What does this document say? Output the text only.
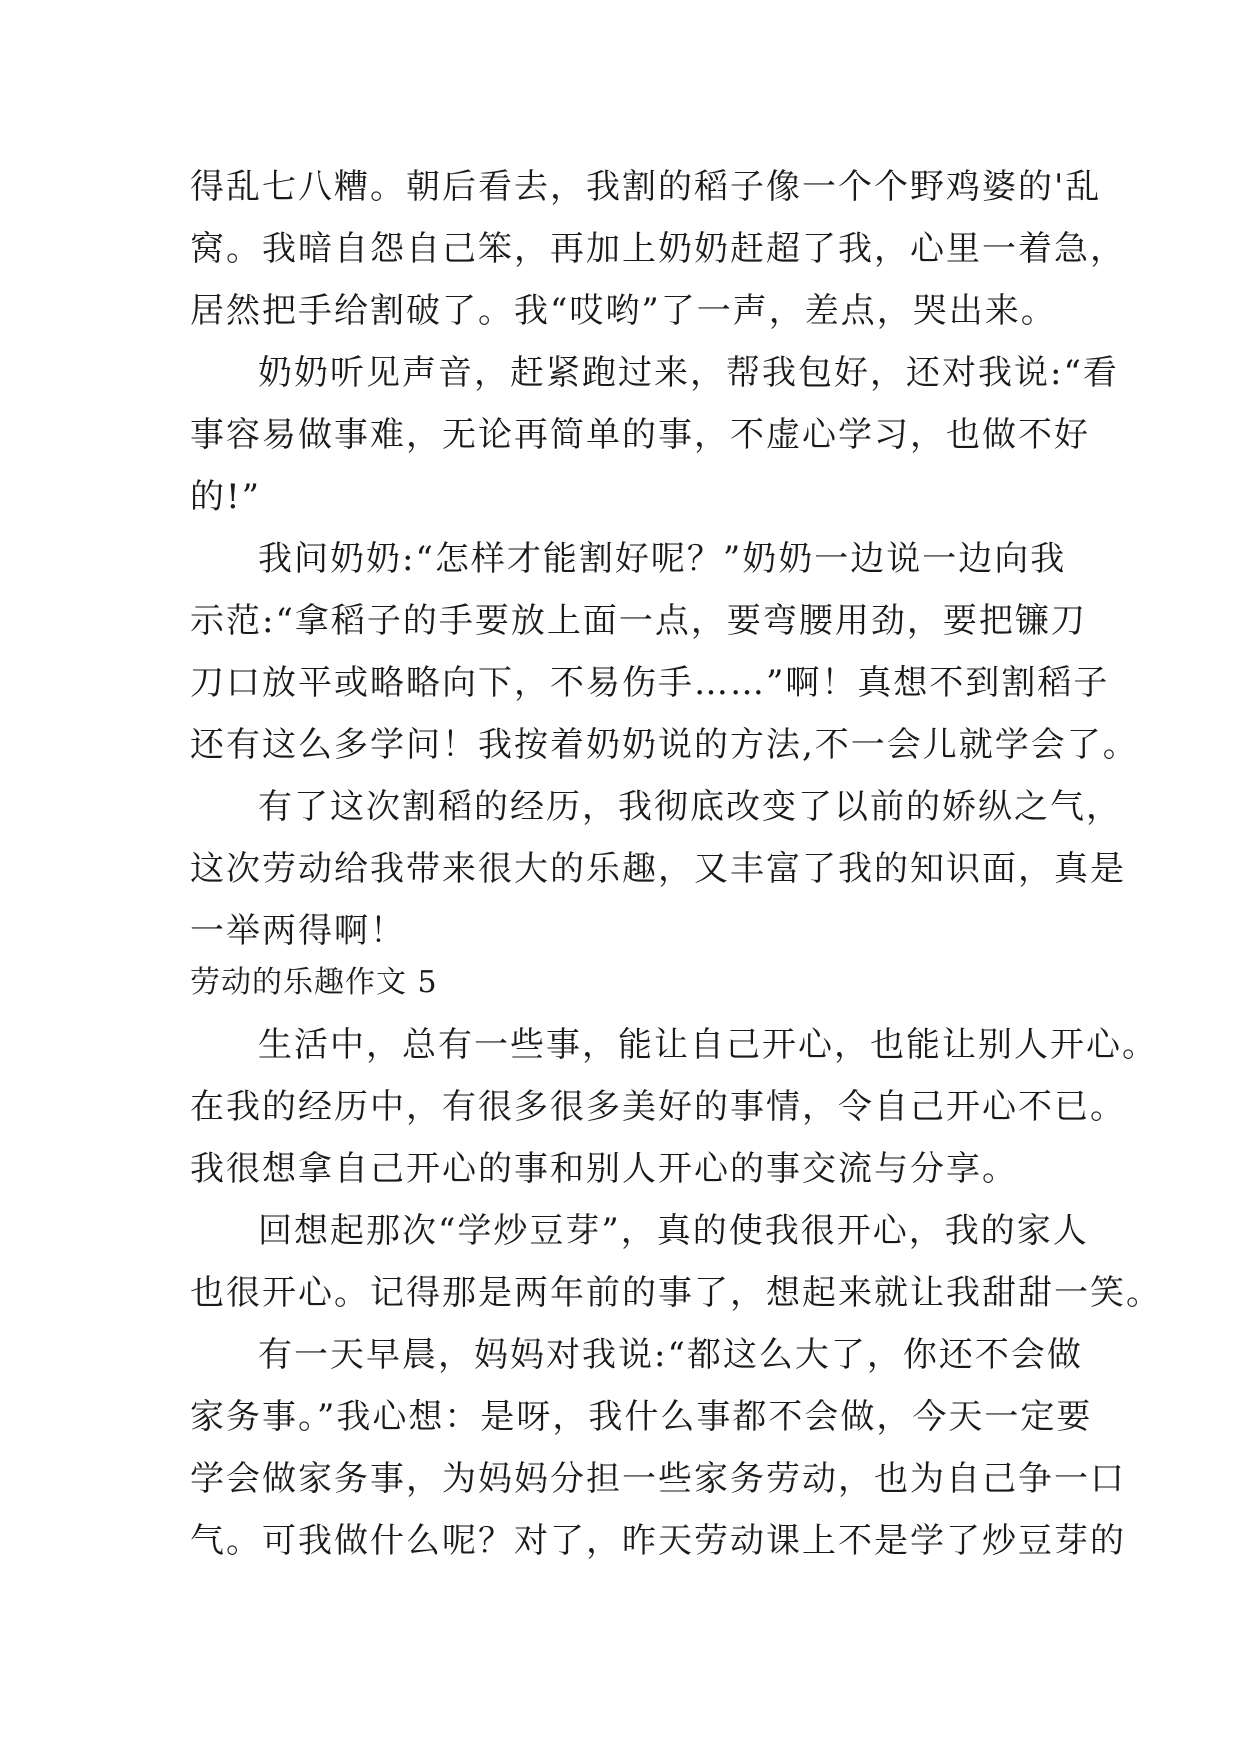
得乱七八糟。朝后看去，我割的稻子像一个个野鸡婆的'乱
窝。我暗自怨自己笨，再加上奶奶赶超了我，心里一着急，
居然把手给割破了。我“哎哟”了一声，差点，哭出来。
奶奶听见声音，赶紧跑过来，帮我包好，还对我说:“看
事容易做事难，无论再简单的事，不虚心学习，也做不好
的!”
我问奶奶:“怎样才能割好呢？”奶奶一边说一边向我
示范:“拿稻子的手要放上面一点，要弯腰用劲，要把镰刀
刀口放平或略略向下，不易伤手……”啊！真想不到割稻子
还有这么多学问！我按着奶奶说的方法,不一会儿就学会了。
有了这次割稻的经历，我彻底改变了以前的娇纵之气，
这次劳动给我带来很大的乐趣，又丰富了我的知识面，真是
一举两得啊！
劳动的乐趣作文 5
生活中，总有一些事，能让自己开心，也能让别人开心。
在我的经历中，有很多很多美好的事情，令自己开心不已。
我很想拿自己开心的事和别人开心的事交流与分享。
回想起那次“学炒豆芽”，真的使我很开心，我的家人
也很开心。记得那是两年前的事了，想起来就让我甜甜一笑。
有一天早晨，妈妈对我说:“都这么大了，你还不会做
家务事。”我心想：是呀，我什么事都不会做，今天一定要
学会做家务事，为妈妈分担一些家务劳动，也为自己争一口
气。可我做什么呢？对了，昨天劳动课上不是学了炒豆芽的
